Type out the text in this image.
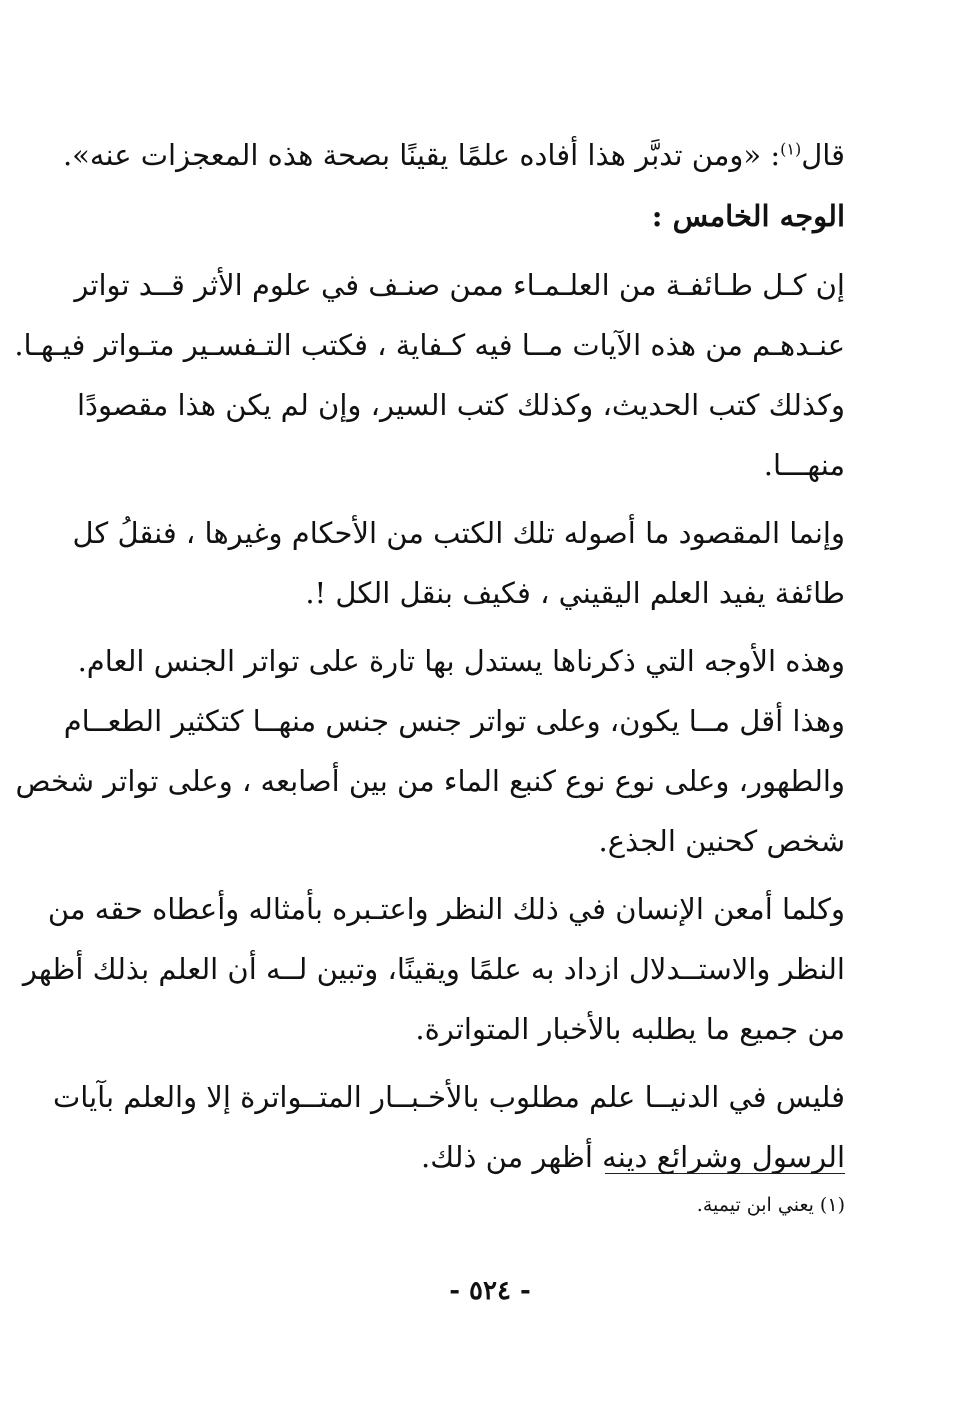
قال$^{(١)}$: «ومن تدبَّر هذا أفاده علمًا يقينًا بصحة هذه المعجزات عنه».
الوجه الخامس :
إن كـل طـائفـة من العلـمـاء ممن صنـف في علوم الأثر قــد تواتر
عنـدهـم من هذه الآيات مــا فيه كـفاية ، فكتب التـفسـير متـواتر فيـهـا.
وكذلك كتب الحديث، وكذلك كتب السير، وإن لم يكن هذا مقصودًا
منهـــا.
وإنما المقصود ما أصوله تلك الكتب من الأحكام وغيرها ، فنقلُ كل
طائفة يفيد العلم اليقيني ، فكيف بنقل الكل !.
وهذه الأوجه التي ذكرناها يستدل بها تارة على تواتر الجنس العام.
وهذا أقل مــا يكون، وعلى تواتر جنس جنس منهــا كتكثير الطعــام
والطهور، وعلى نوع نوع كنبع الماء من بين أصابعه ، وعلى تواتر شخص
شخص كحنين الجذع.
وكلما أمعن الإنسان في ذلك النظر واعتـبره بأمثاله وأعطاه حقه من
النظر والاستــدلال ازداد به علمًا ويقينًا، وتبين لــه أن العلم بذلك أظهر
من جميع ما يطلبه بالأخبار المتواترة.
فليس في الدنيــا علم مطلوب بالأخـبــار المتــواترة إلا والعلم بآيات
الرسول وشرائع دينه أظهر من ذلك.
(١) يعني ابن تيمية.
- ٥٢٤ -
